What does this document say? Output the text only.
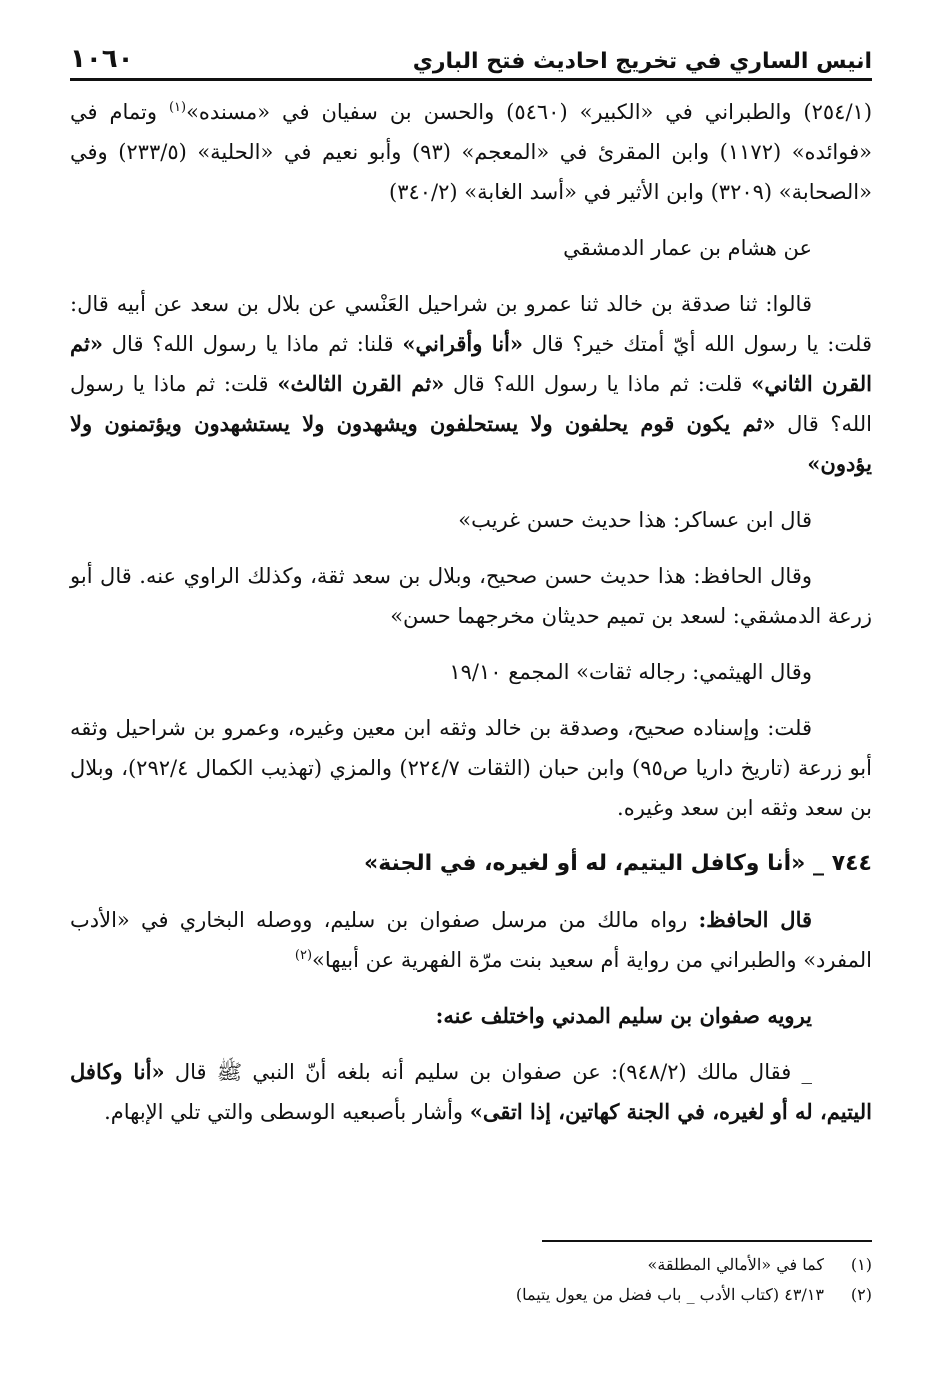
انيس الساري في تخريج احاديث فتح الباري
١٠٦٠

(٢٥٤/١) والطبراني في «الكبير» (٥٤٦٠) والحسن بن سفيان في «مسنده»$^{(١)}$ وتمام في «فوائده» (١١٧٢) وابن المقرئ في «المعجم» (٩٣) وأبو نعيم في «الحلية» (٢٣٣/٥) وفي «الصحابة» (٣٢٠٩) وابن الأثير في «أسد الغابة» (٣٤٠/٢)

عن هشام بن عمار الدمشقي

قالوا: ثنا صدقة بن خالد ثنا عمرو بن شراحيل العَنْسي عن بلال بن سعد عن أبيه قال: قلت: يا رسول الله أيّ أمتك خير؟ قال «أنا وأقراني» قلنا: ثم ماذا يا رسول الله؟ قال «ثم القرن الثاني» قلت: ثم ماذا يا رسول الله؟ قال «ثم القرن الثالث» قلت: ثم ماذا يا رسول الله؟ قال «ثم يكون قوم يحلفون ولا يستحلفون ويشهدون ولا يستشهدون ويؤتمنون ولا يؤدون»

قال ابن عساكر: هذا حديث حسن غريب»

وقال الحافظ: هذا حديث حسن صحيح، وبلال بن سعد ثقة، وكذلك الراوي عنه. قال أبو زرعة الدمشقي: لسعد بن تميم حديثان مخرجهما حسن»

وقال الهيثمي: رجاله ثقات» المجمع ١٩/١٠

قلت: وإسناده صحيح، وصدقة بن خالد وثقه ابن معين وغيره، وعمرو بن شراحيل وثقه أبو زرعة (تاريخ داريا ص٩٥) وابن حبان (الثقات ٢٢٤/٧) والمزي (تهذيب الكمال ٢٩٢/٤)، وبلال بن سعد وثقه ابن سعد وغيره.

٧٤٤ _ «أنا وكافل اليتيم، له أو لغيره، في الجنة»

قال الحافظ: رواه مالك من مرسل صفوان بن سليم، ووصله البخاري في «الأدب المفرد» والطبراني من رواية أم سعيد بنت مرّة الفهرية عن أبيها»$^{(٢)}$

يرويه صفوان بن سليم المدني واختلف عنه:

_ فقال مالك (٩٤٨/٢): عن صفوان بن سليم أنه بلغه أنّ النبي ﷺ قال «أنا وكافل اليتيم، له أو لغيره، في الجنة كهاتين، إذا اتقى» وأشار بأصبعيه الوسطى والتي تلي الإبهام.

(١)كما في «الأمالي المطلقة»
(٢)٤٣/١٣ (كتاب الأدب _ باب فضل من يعول يتيما)
